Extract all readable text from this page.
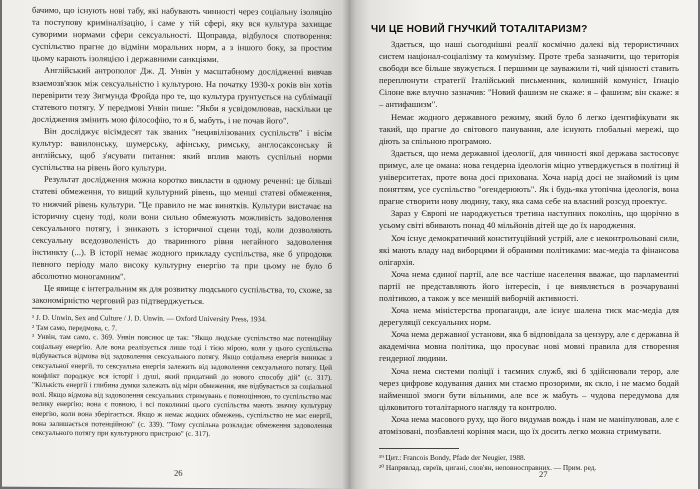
бачимо, що існують нові табу, які набувають чинності через соціальну ізоляцію та поступову криміналізацію, і саме у тій сфері, яку вся культура захищає суворими нормами сфери сексуальності. Щоправда, відбулося спотворення: суспільство прагне до відміни моральних норм, а з іншого боку, за простим цьому карають ізоляцією і державними санкціями.

Англійський антрополог Дж. Д. Унвін у масштабному дослідженні вивчав взаємозв'язок між сексуальністю і культурою. На початку 1930-х років він хотів перевірити тезу Зигмунда Фройда про те, що культура ґрунтується на сублімації статевого потягу. У передмові Унвін пише: "Якби я усвідомлював, наскільки це дослідження змінить мою філософію, то я б, мабуть, і не почав його".

Він досліджує вісімдесят так званих "нецивілізованих суспільств" і вісім культур: вавилонську, шумерську, афінську, римську, англосаксонську й англійську, щоб з'ясувати питання: який вплив мають суспільні норми суспільства на рівень його культури.

Результат дослідження можна коротко викласти в одному реченні: це більші статеві обмеження, то вищий культурний рівень, що менші статеві обмеження, то нижчий рівень культури. "Це правило не має винятків. Культури вистачає на історичну сцену тоді, коли вони сильно обмежують можливість задоволення сексуального потягу, і зникають з історичної сцени тоді, коли дозволяють сексуальну вседозволеність до тваринного рівня негайного задоволення інстинкту (...). В історії немає жодного прикладу суспільства, яке б упродовж певного періоду мало високу культурну енергію та при цьому не було б абсолютно моногамним".

Це явище є інтегральним як для розвитку людського суспільства, то, схоже, за закономірністю черговий раз підтверджується.

¹ J. D. Unwin, Sex and Culture / J. D. Unwin. — Oxford University Press, 1934.
² Там само, передмова, с. 7.
³ Унвін, там само, с. 369. Унвін пояснює це так: "Якщо людське суспільство має потенційну соціальну енергію. Але вона реалізується лише тоді і тією мірою, коли у цього суспільства відбувається відмова від задоволення сексуального потягу. Якщо соціальна енергія виникає з сексуальної енергії, то сексуальна енергія залежить від задоволення сексуального потягу. Цей конфлікт породжує вся історії і душі, який придатний до нового способу дій" (с. 317). "Кількість енергії і глибина думки залежать від міри обмеження, яке відбувається за соціальної волі. Якщо відмова від задоволення сексуальних стримувань є повноцінною, то суспільство має велику енергію; вона є повною, і всі поколинні цього суспільства мають значну культурну енергію, коли вона зберігається. Якщо ж немає жодних обмежень, суспільство не має енергії, вона залишається потенційною" (с. 339). "Тому суспільна розкладає обмеження задоволення сексуального потягу при культурного пристрою" (с. 317).
26
ЧИ ЦЕ НОВИЙ ГНУЧКИЙ ТОТАЛІТАРИЗМ?

Здається, що наші сьогоднішні реалії космічно далекі від терористичних систем націонал-соціалізму та комунізму. Проте треба зазначити, що територія свободи все більше звужується. І першими це зауважили ті, чий цінності ставить переплюнути стратегії Італійський письменник, колишній комуніст, Іґнаціо Сілоне вже влучно зазначив: "Новий фашизм не скаже: я – фашизм; він скаже: я – антифашизм".

Немає жодного державного режиму, який було б легко ідентифікувати як такий, що прагне до світового панування, але існують глобальні мережі, що діють за спільною програмою.

Здається, що нема державної ідеології, для чинності якої держава застосовує примус, але це омана: нова гендерна ідеологія міцно утверджується в політиці й університетах, проте вона досі прихована. Хоча нарід досі не знайомий із цим поняттям, усе суспільство "огендерюють". Як і будь-яка утопічна ідеологія, вона прагне створити нову людину, таку, яка сама себе на власний розсуд проектує.

Зараз у Європі не народжується третина наступних поколінь, що щорічно в усьому світі вбивають понад 40 мільйонів дітей ще до їх народження.

Хоч існує демократичний конституційний устрій, але є неконтрольовані сили, які мають владу над виборцями й обраними політиками: мас-медіа та фінансова олігархія.

Хоча нема єдиної партії, але все частіше населення вважає, що парламентні партії не представляють його інтересів, і це виявляється в розчаруванні політикою, а також у все меншій виборчій активності.

Хоча нема міністерства пропаганди, але існує шалена тиск мас-медіа для дерегуляції сексуальних норм.

Хоча нема державної установи, яка б відповідала за цензуру, але є державна й академічна мовна політика, що просуває нові мовні правила для створення гендерної людини.

Хоча нема системи поліції і таємних служб, які б здійснювали терор, але через цифрове кодування даних ми стаємо прозорими, як скло, і не маємо бодай найменшої змоги бути вільними, але все ж мабуть – чудова передумова для цілковитого тоталітарного нагляду та контролю.

Хоча нема масового руху, що його видумав вождь і нам не маніпулював, але є атомізовані, позбавлені коріння маси, що їх досить легко можна стримувати.

¹⁹ Цит.: Francois Bondy, Pfade der Neugier, 1988.
²⁰ Напрявлад, євреїв, цигані, слов'ян, неповносправних. — Прим. ред.
27
